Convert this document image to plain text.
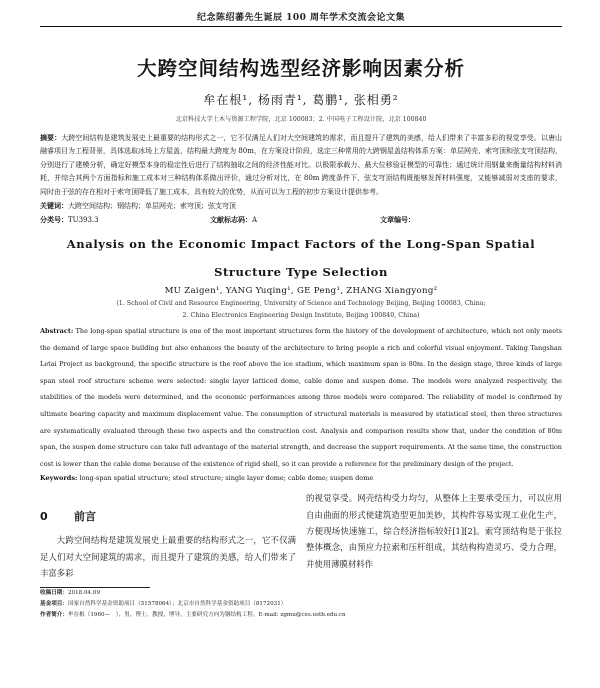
纪念陈绍蕃先生诞辰 100 周年学术交流会论文集
大跨空间结构选型经济影响因素分析
牟在根¹, 杨雨青¹, 葛鹏¹, 张相勇²
北京科技大学土木与资源工程学院，北京 100083；2. 中国电子工程设计院，北京 100840
摘要：大跨空间结构是建筑发展史上最重要的结构形式之一，它不仅满足人们对大空间建筑的需求，而且提升了建筑的美感，给人们带来了丰富多彩的视觉享受。以唐山融睿项目为工程背景，具体选取冰场上方屋盖，结构最大跨度为 80m，在方案设计阶段，选定三种常用的大跨钢屋盖结构体系方案：单层网壳、索穹顶和弦支穹顶结构，分别进行了建模分析，确定好模型本身的稳定性后进行了结构抽取之间的经济性能对比。以极限承载力、最大位移验证模型的可靠性；通过统计用钢量来衡量结构材料消耗，并综合其两个方面指标和施工成本对三种结构体系做出评价，通过分析对比，在 80m 跨度条件下，弦支穹顶结构既能够发挥材料强度，又能够减弱对支座的要求，同时由于弦的存在相对于索穹顶降低了施工成本，具有较大的优势，从而可以为工程的初步方案设计提供参考。
关键词：大跨空间结构；钢结构；单层网壳；索穹顶；弦支穹顶
分类号：TU393.3	文献标志码：A	文章编号：
Analysis on the Economic Impact Factors of the Long-Span Spatial
Structure Type Selection
MU Zaigen¹, YANG Yuqing¹, GE Peng¹, ZHANG Xiangyong²
(1. School of Civil and Resource Engineering, University of Science and Technology Beijing, Beijing 100083, China;
2. China Electronics Engineering Design Institute, Beijing 100840, China)
Abstract: The long-span spatial structure is one of the most important structures form the history of the development of architecture, which not only meets the demand of large space building but also enhances the beauty of the architecture to bring people a rich and colorful visual enjoyment. Taking Tangshan Letai Project as background, the specific structure is the roof above the ice stadium, which maximum span is 80m. In the design stage, three kinds of large span steel roof structure scheme were selected: single layer latticed dome, cable dome and suspen dome. The models were analyzed respectively, the stabilities of the models were determined, and the economic performances among three models were compared. The reliability of model is confirmed by ultimate bearing capacity and maximum displacement value. The consumption of structural materials is measured by statistical steel, then three structures are systematically evaluated through these two aspects and the construction cost. Analysis and comparison results show that, under the condition of 80m span, the suspen dome structure can take full advantage of the material strength, and decrease the support requirements. At the same time, the construction cost is lower than the cable dome because of the existence of rigid shell, so it can provide a reference for the preliminary design of the project.
Keywords: long-span spatial structure; steel structure; single layer dome; cable dome; suspen dome
0 前言
大跨空间结构是建筑发展史上最重要的结构形式之一，它不仅满足人们对大空间建筑的需求，而且提升了建筑的美感，给人们带来了丰富多彩
收稿日期：2018.04.09
基金项目：国家自然科学基金资助项目（51578064）；北京市自然科学基金资助项目（8172031）
作者简介：牟在根（1960—　），男，博士，教授，博导，主要研究方向为钢结构工程。E-mail: zgmu@ces.ustb.edu.cn
的视觉享受。网壳结构受力均匀，从整体上主要承受压力，可以应用自由曲面的形式使建筑造型更加美妙，其构件容易实现工业化生产，方便现场快速施工，综合经济指标较好[1][2]。索穹顶结构是于张拉整体概念，由预应力拉索和压杆组成，其结构构造灵巧、受力合理，并使用薄膜材料作
